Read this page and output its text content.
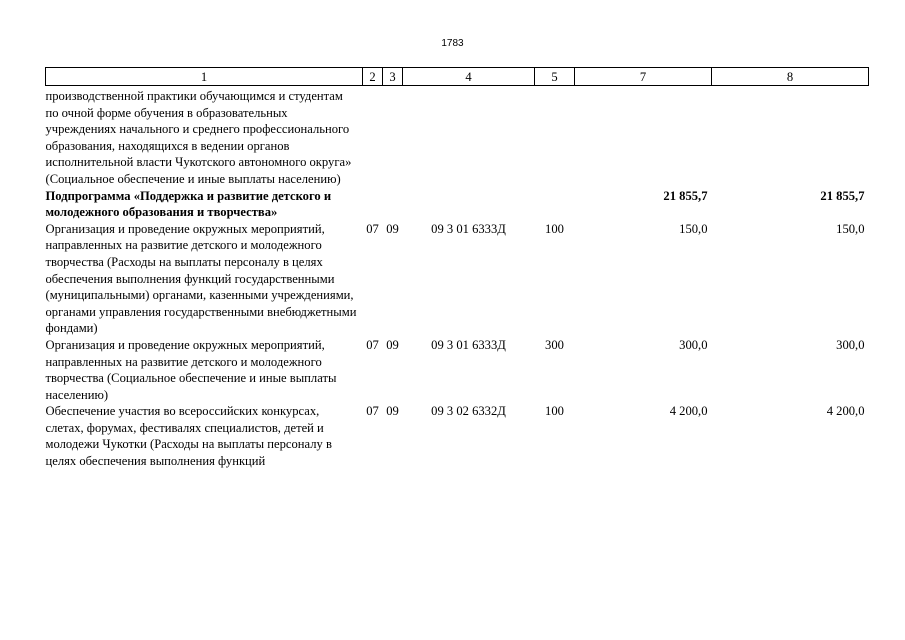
1783
1	2	3	4	5	7	8
производственной практики обучающимся и студентам по очной форме обучения в образовательных учреждениях начального и среднего профессионального образования, находящихся в ведении органов исполнительной власти Чукотского автономного округа» (Социальное обеспечение и иные выплаты населению)						
Подпрограмма «Поддержка и развитие детского и молодежного образования и творчества»					21 855,7	21 855,7
Организация и проведение окружных мероприятий, направленных на развитие детского и молодежного творчества (Расходы на выплаты персоналу в целях обеспечения выполнения функций государственными (муниципальными) органами, казенными учреждениями, органами управления государственными внебюджетными фондами)	07	09	09 3 01 6333Д	100	150,0	150,0
Организация и проведение окружных мероприятий, направленных на развитие детского и молодежного творчества (Социальное обеспечение и иные выплаты населению)	07	09	09 3 01 6333Д	300	300,0	300,0
Обеспечение участия во всероссийских конкурсах, слетах, форумах, фестивалях специалистов, детей и молодежи Чукотки (Расходы на выплаты персоналу в целях обеспечения выполнения функций	07	09	09 3 02 6332Д	100	4 200,0	4 200,0
